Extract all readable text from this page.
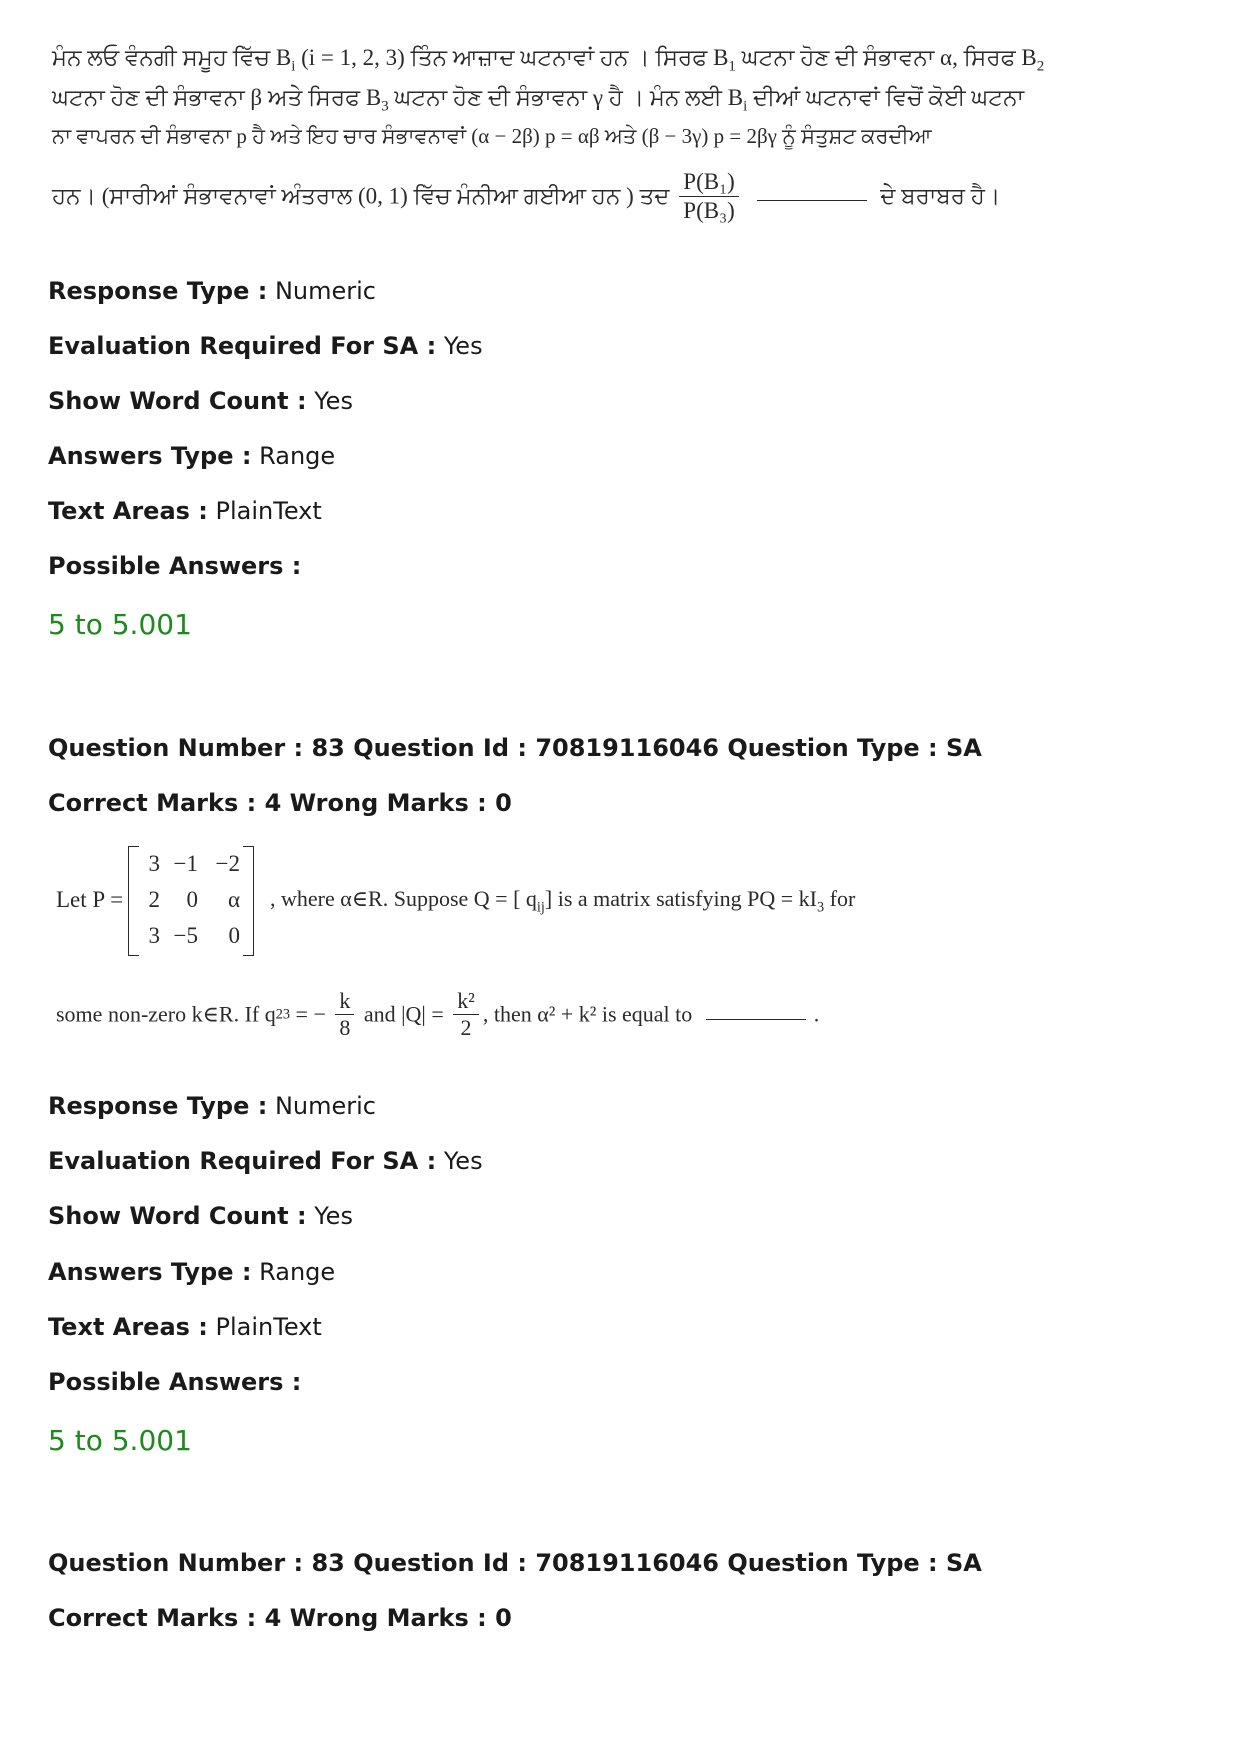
ਮੰਨ ਲਓ ਵੰਨਗੀ ਸਮੂਹ ਵਿੱਚ $B_i$ (i = 1, 2, 3) ਤਿੰਨ ਆਜ਼ਾਦ ਘਟਨਾਵਾਂ ਹਨ । ਸਿਰਫ $B_1$ ਘਟਨਾ ਹੋਣ ਦੀ ਸੰਭਾਵਨਾ α, ਸਿਰਫ $B_2$
ਘਟਨਾ ਹੋਣ ਦੀ ਸੰਭਾਵਨਾ β ਅਤੇ ਸਿਰਫ $B_3$ ਘਟਨਾ ਹੋਣ ਦੀ ਸੰਭਾਵਨਾ γ ਹੈ । ਮੰਨ ਲਈ $B_i$ ਦੀਆਂ ਘਟਨਾਵਾਂ ਵਿਚੋਂ ਕੋਈ ਘਟਨਾ
ਨਾ ਵਾਪਰਨ ਦੀ ਸੰਭਾਵਨਾ p ਹੈ ਅਤੇ ਇਹ ਚਾਰ ਸੰਭਾਵਨਾਵਾਂ (α − 2β) p = αβ ਅਤੇ (β − 3γ) p = 2βγ ਨੂੰ ਸੰਤੁਸ਼ਟ ਕਰਦੀਆ
ਹਨ। (ਸਾਰੀਆਂ ਸੰਭਾਵਨਾਵਾਂ ਅੰਤਰਾਲ (0, 1) ਵਿੱਚ ਮੰਨੀਆ ਗਈਆ ਹਨ ) ਤਦ $\frac{\text{P(B₁)}}{\text{P(B₃)}}$	ਦੇ ਬਰਾਬਰ ਹੈ।
Response Type : Numeric
Evaluation Required For SA : Yes
Show Word Count : Yes
Answers Type : Range
Text Areas : PlainText
Possible Answers :
5 to 5.001
Question Number : 83 Question Id : 70819116046 Question Type : SA
Correct Marks : 4 Wrong Marks : 0
Let P =
3 −1 −2
2	0	α
3 −5	0
, where α∈R. Suppose Q = [ $q_{ij}$] is a matrix satisfying PQ = $kI_3$ for
some non-zero k∈R. If q23 = − $\frac{k}{8}$ and $|Q| = \frac{\text{k²}}{2}$ , then α² + k² is equal to	.
Response Type : Numeric
Evaluation Required For SA : Yes
Show Word Count : Yes
Answers Type : Range
Text Areas : PlainText
Possible Answers :
5 to 5.001
Question Number : 83 Question Id : 70819116046 Question Type : SA
Correct Marks : 4 Wrong Marks : 0
